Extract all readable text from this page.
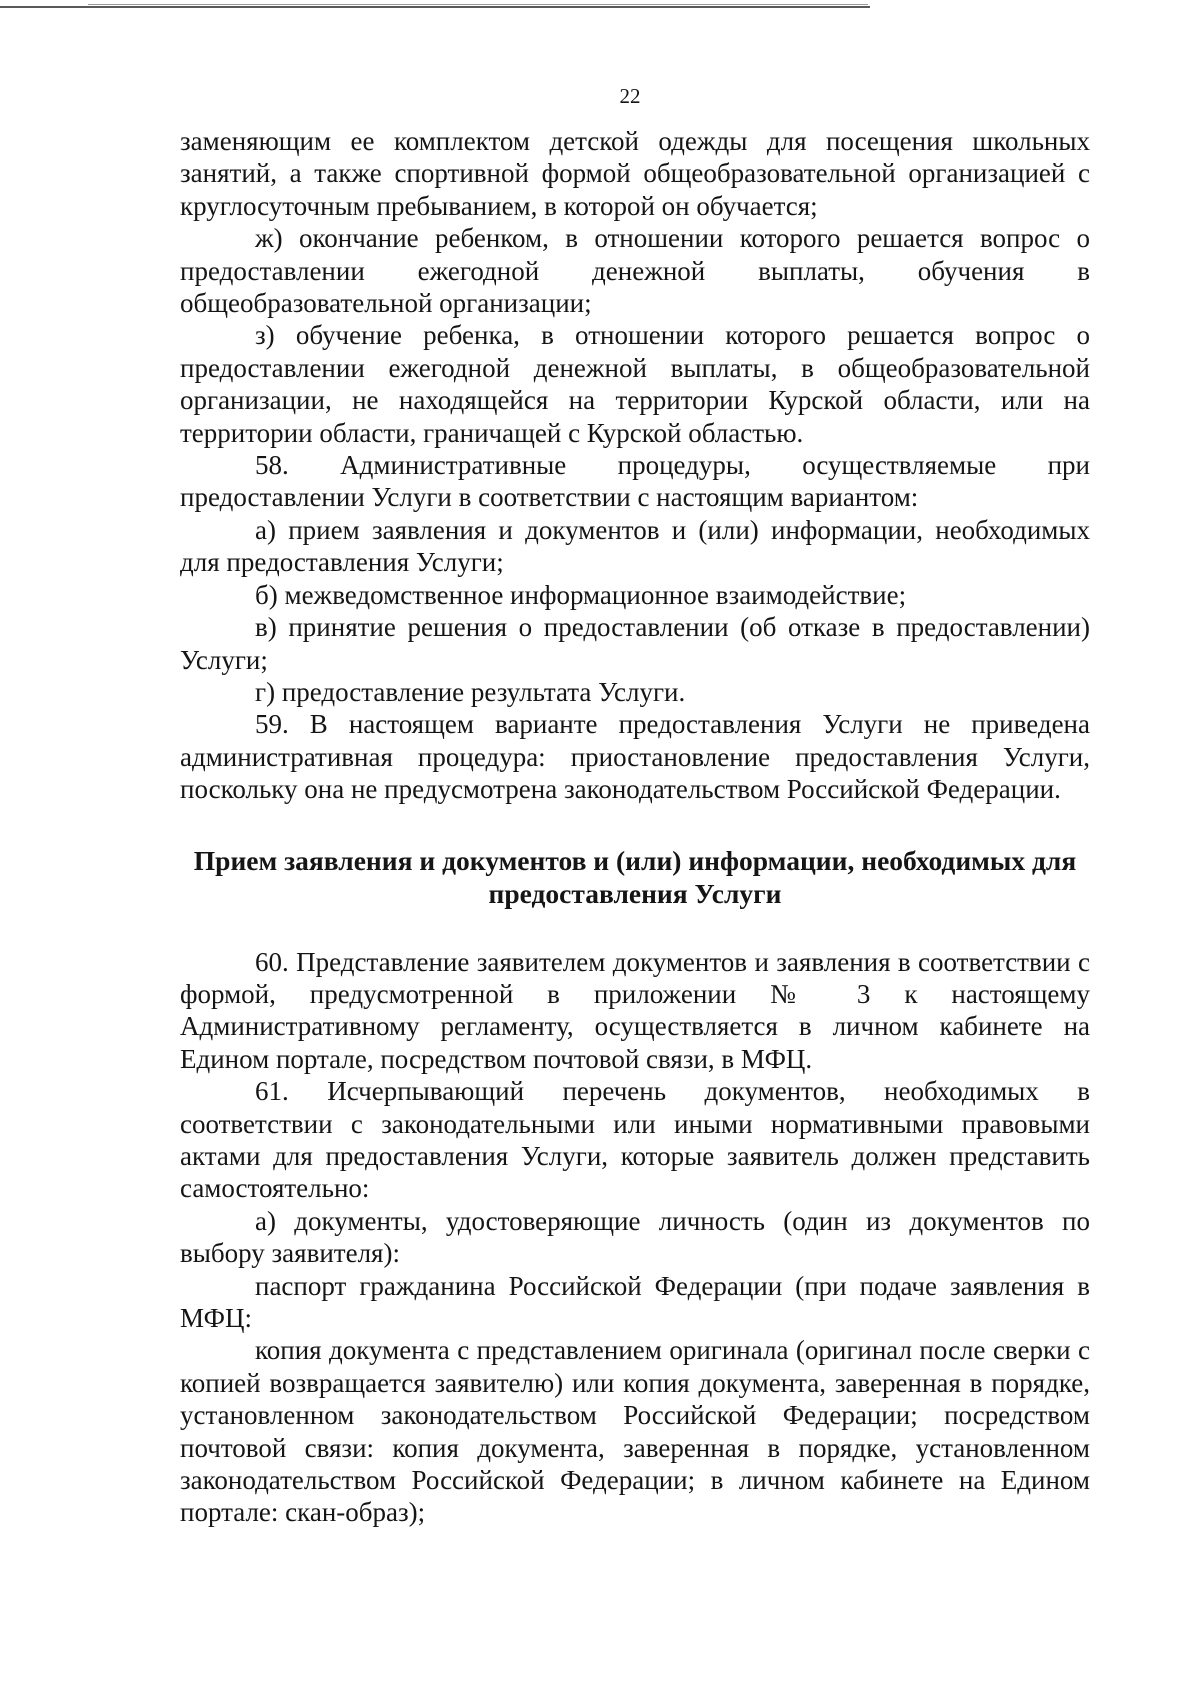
22

заменяющим ее комплектом детской одежды для посещения школьных занятий, а также спортивной формой общеобразовательной организацией с круглосуточным пребыванием, в которой он обучается;

ж) окончание ребенком, в отношении которого решается вопрос о предоставлении ежегодной денежной выплаты, обучения в общеобразовательной организации;

з) обучение ребенка, в отношении которого решается вопрос о предоставлении ежегодной денежной выплаты, в общеобразовательной организации, не находящейся на территории Курской области, или на территории области, граничащей с Курской областью.

58. Административные процедуры, осуществляемые при предоставлении Услуги в соответствии с настоящим вариантом:

а) прием заявления и документов и (или) информации, необходимых для предоставления Услуги;

б) межведомственное информационное взаимодействие;

в) принятие решения о предоставлении (об отказе в предоставлении) Услуги;

г) предоставление результата Услуги.

59. В настоящем варианте предоставления Услуги не приведена административная процедура: приостановление предоставления Услуги, поскольку она не предусмотрена законодательством Российской Федерации.

Прием заявления и документов и (или) информации, необходимых для
предоставления Услуги

60. Представление заявителем документов и заявления в соответствии с формой, предусмотренной в приложении № 3 к настоящему Административному регламенту, осуществляется в личном кабинете на Едином портале, посредством почтовой связи, в МФЦ.

61. Исчерпывающий перечень документов, необходимых в соответствии с законодательными или иными нормативными правовыми актами для предоставления Услуги, которые заявитель должен представить самостоятельно:

а) документы, удостоверяющие личность (один из документов по выбору заявителя):

паспорт гражданина Российской Федерации (при подаче заявления в МФЦ:

копия документа с представлением оригинала (оригинал после сверки с копией возвращается заявителю) или копия документа, заверенная в порядке, установленном законодательством Российской Федерации; посредством почтовой связи: копия документа, заверенная в порядке, установленном законодательством Российской Федерации; в личном кабинете на Едином портале: скан-образ);
